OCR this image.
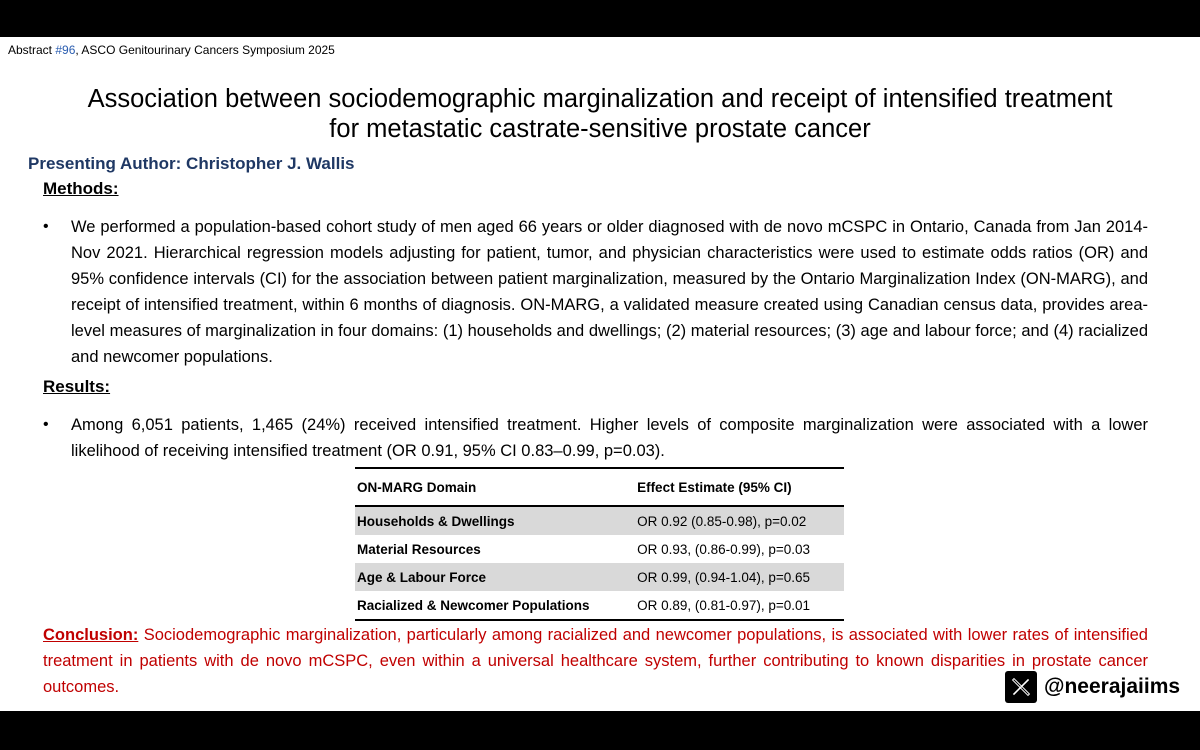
Abstract #96, ASCO Genitourinary Cancers Symposium 2025
Association between sociodemographic marginalization and receipt of intensified treatment
for metastatic castrate-sensitive prostate cancer
Presenting Author: Christopher J. Wallis
Methods:
• We performed a population-based cohort study of men aged 66 years or older diagnosed with de novo mCSPC in Ontario, Canada from Jan 2014-Nov 2021. Hierarchical regression models adjusting for patient, tumor, and physician characteristics were used to estimate odds ratios (OR) and 95% confidence intervals (CI) for the association between patient marginalization, measured by the Ontario Marginalization Index (ON-MARG), and receipt of intensified treatment, within 6 months of diagnosis. ON-MARG, a validated measure created using Canadian census data, provides area-level measures of marginalization in four domains: (1) households and dwellings; (2) material resources; (3) age and labour force; and (4) racialized and newcomer populations.
Results:
• Among 6,051 patients, 1,465 (24%) received intensified treatment. Higher levels of composite marginalization were associated with a lower likelihood of receiving intensified treatment (OR 0.91, 95% CI 0.83–0.99, p=0.03).
ON-MARG Domain	Effect Estimate (95% CI)
Households & Dwellings	OR 0.92 (0.85-0.98), p=0.02
Material Resources	OR 0.93, (0.86-0.99), p=0.03
Age & Labour Force	OR 0.99, (0.94-1.04), p=0.65
Racialized & Newcomer Populations	OR 0.89, (0.81-0.97), p=0.01
Conclusion: Sociodemographic marginalization, particularly among racialized and newcomer populations, is associated with lower rates of intensified treatment in patients with de novo mCSPC, even within a universal healthcare system, further contributing to known disparities in prostate cancer outcomes.	@neerajaiims
